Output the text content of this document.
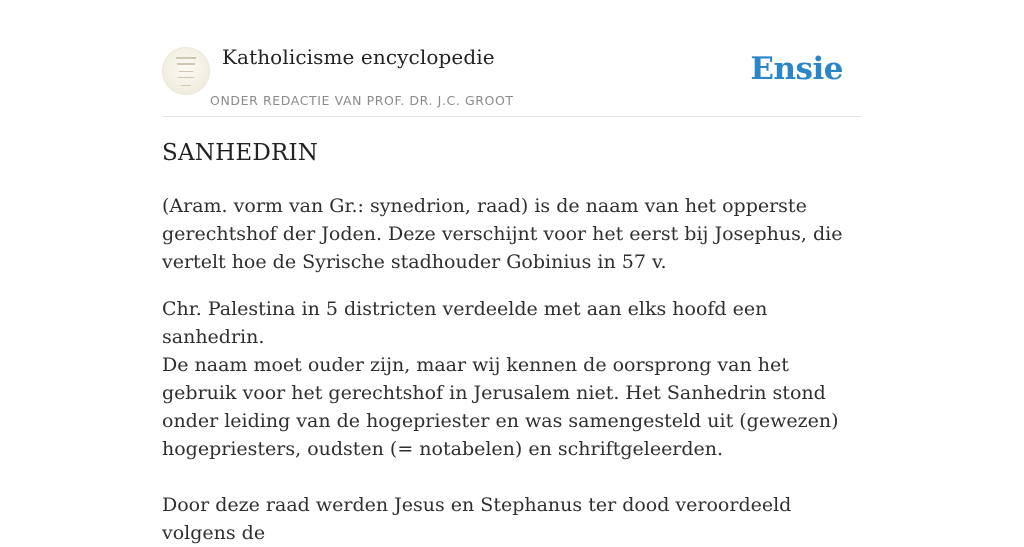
Katholicisme encyclopedie
ONDER REDACTIE VAN PROF. DR. J.C. GROOT
Ensie
SANHEDRIN

(Aram. vorm van Gr.: synedrion, raad) is de naam van het opperste gerechtshof der Joden. Deze verschijnt voor het eerst bij Josephus, die vertelt hoe de Syrische stadhouder Gobinius in 57 v.

Chr. Palestina in 5 districten verdeelde met aan elks hoofd een sanhedrin.

De naam moet ouder zijn, maar wij kennen de oorsprong van het gebruik voor het gerechtshof in Jerusalem niet. Het Sanhedrin stond onder leiding van de hogepriester en was samengesteld uit (gewezen) hogepriesters, oudsten (= notabelen) en schriftgeleerden.

Door deze raad werden Jesus en Stephanus ter dood veroordeeld volgens de
